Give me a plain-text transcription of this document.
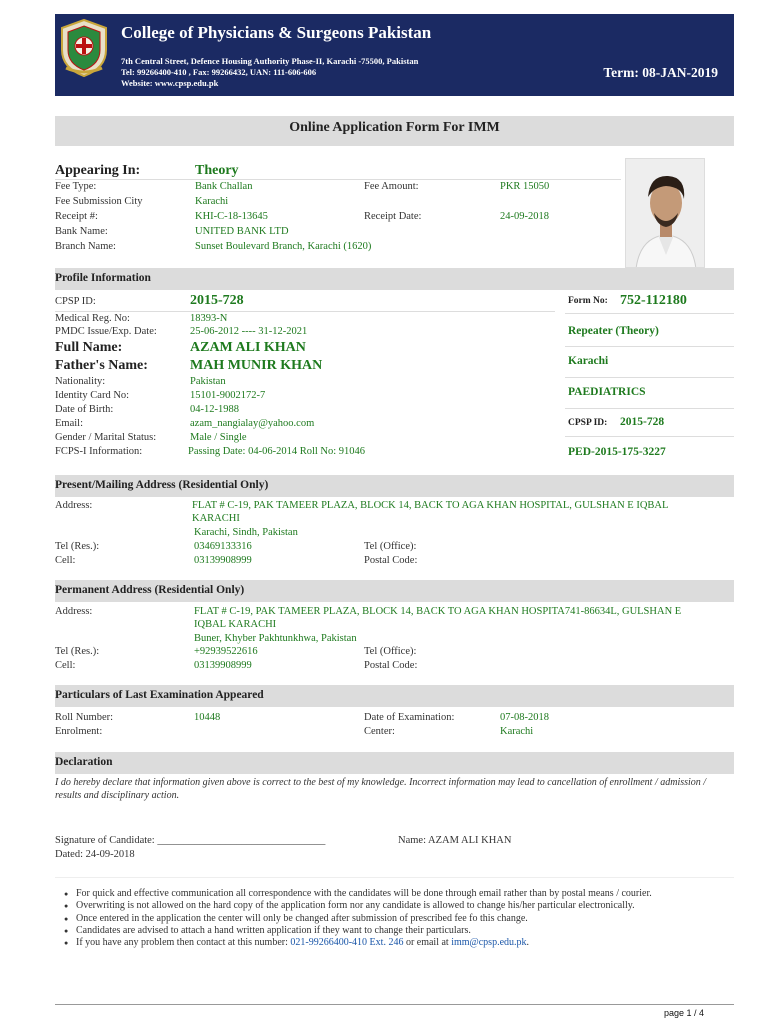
College of Physicians & Surgeons Pakistan
7th Central Street, Defence Housing Authority Phase-II, Karachi -75500, Pakistan
Tel: 99266400-410 , Fax: 99266432, UAN: 111-606-606
Website: www.cpsp.edu.pk
Term: 08-JAN-2019
Online Application Form For IMM
Appearing In:	Theory
Fee Type:	Bank Challan	Fee Amount:	PKR 15050
Fee Submission City	Karachi
Receipt #:	KHI-C-18-13645	Receipt Date:	24-09-2018
Bank Name:	UNITED BANK LTD
Branch Name:	Sunset Boulevard Branch, Karachi (1620)
Profile Information
CPSP ID:	2015-728
Medical Reg. No:	18393-N
PMDC Issue/Exp. Date:	25-06-2012 ---- 31-12-2021
Full Name:	AZAM ALI KHAN
Father's Name:	MAH MUNIR KHAN
Nationality:	Pakistan
Identity Card No:	15101-9002172-7
Date of Birth:	04-12-1988
Email:	azam_nangialay@yahoo.com
Gender / Marital Status:	Male / Single
FCPS-I Information:	Passing Date: 04-06-2014 Roll No: 91046
Form No: 752-112180
Repeater (Theory)
Karachi
PAEDIATRICS
CPSP ID: 2015-728
PED-2015-175-3227
Present/Mailing Address (Residential Only)
Address:	FLAT # C-19, PAK TAMEER PLAZA, BLOCK 14, BACK TO AGA KHAN HOSPITAL, GULSHAN E IQBAL
KARACHI
Karachi, Sindh, Pakistan
Tel (Res.):	03469133316	Tel (Office):
Cell:	03139908999	Postal Code:
Permanent Address (Residential Only)
Address:	FLAT # C-19, PAK TAMEER PLAZA, BLOCK 14, BACK TO AGA KHAN HOSPITA741-86634L, GULSHAN E
IQBAL KARACHI
Buner, Khyber Pakhtunkhwa, Pakistan
Tel (Res.):	+92939522616	Tel (Office):
Cell:	03139908999	Postal Code:
Particulars of Last Examination Appeared
Roll Number:	10448	Date of Examination:	07-08-2018
Enrolment:	Center:	Karachi
Declaration
I do hereby declare that information given above is correct to the best of my knowledge. Incorrect information may lead to cancellation of enrollment / admission / results and disciplinary action.
Signature of Candidate: ________________________________	Name: AZAM ALI KHAN
Dated: 24-09-2018
● For quick and effective communication all correspondence with the candidates will be done through email rather than by postal means / courier.
● Overwriting is not allowed on the hard copy of the application form nor any candidate is allowed to change his/her particular electronically.
● Once entered in the application the center will only be changed after submission of prescribed fee fo this change.
● Candidates are advised to attach a hand written application if they want to change their particulars.
● If you have any problem then contact at this number: 021-99266400-410 Ext. 246 or email at imm@cpsp.edu.pk.
page 1 / 4
